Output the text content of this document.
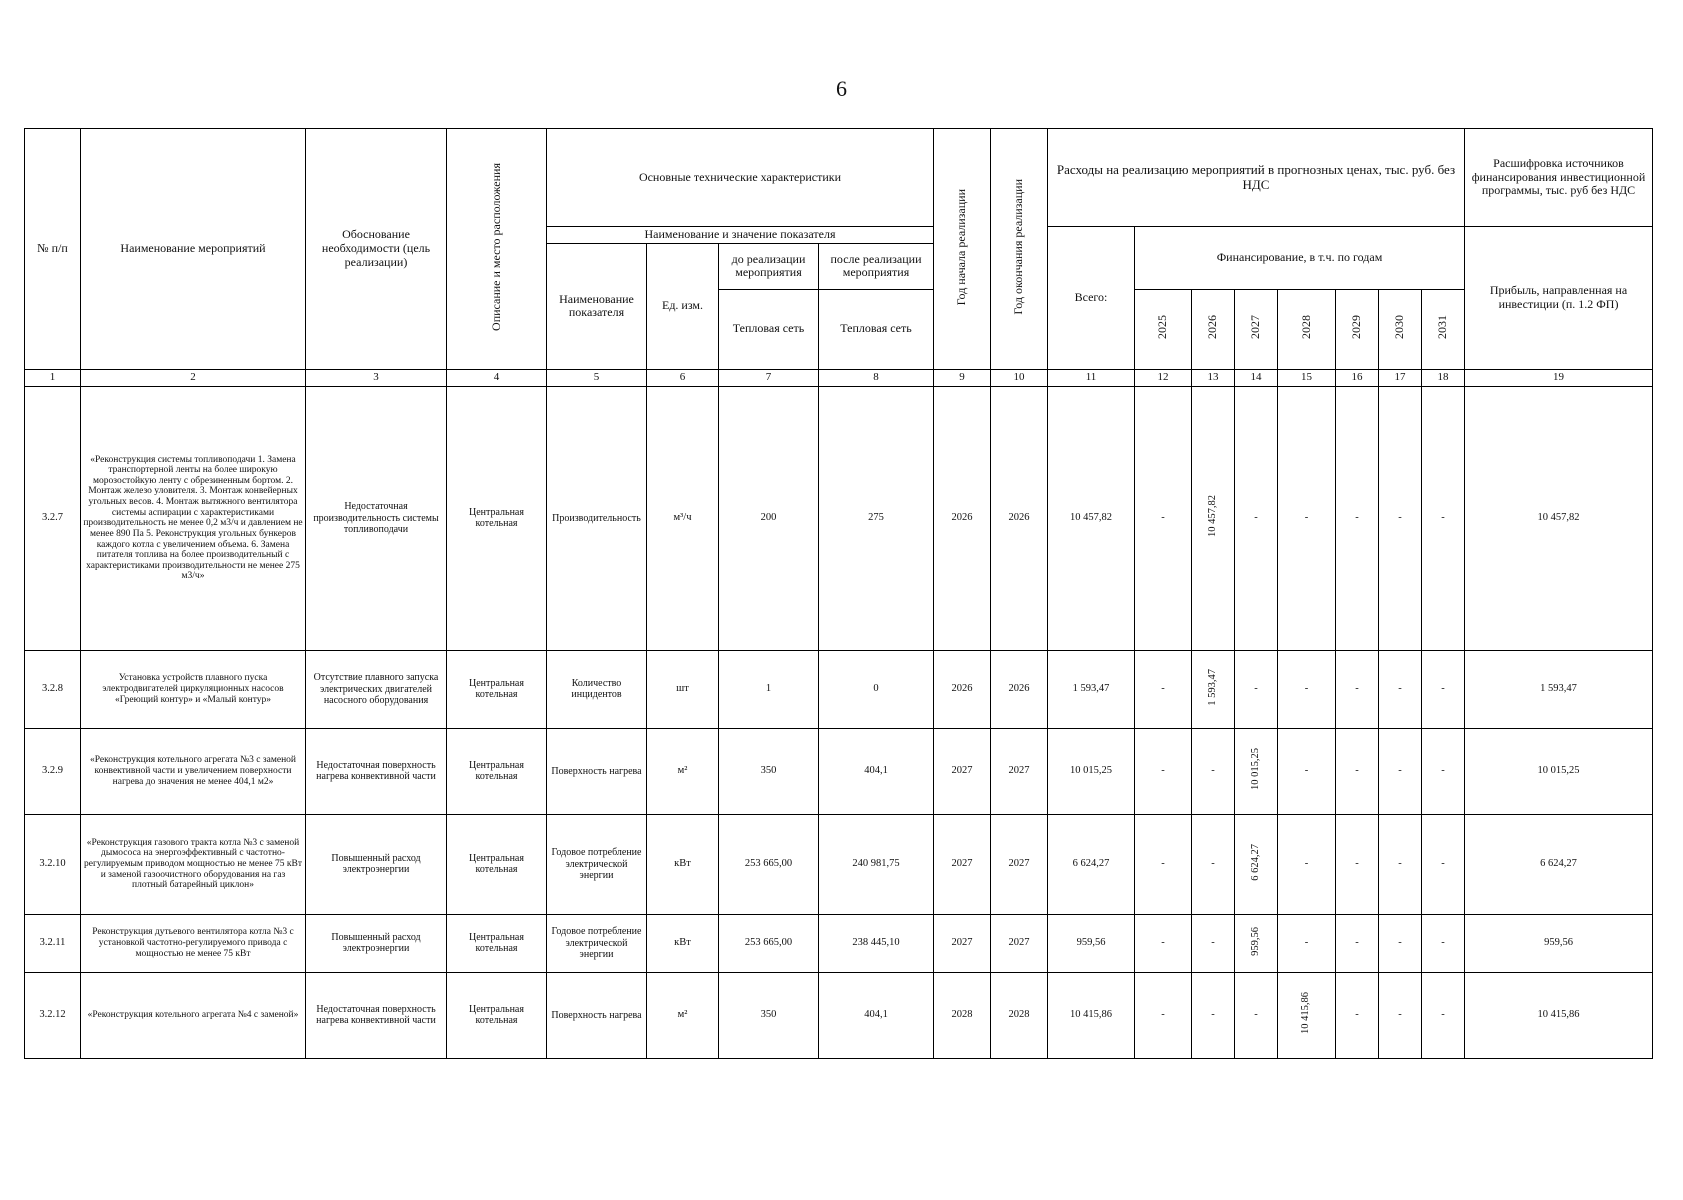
6
№ п/п	Наименование мероприятий	Обоснование необходимости (цель реализации)	Описание и место расположения	Основные технические характеристики				Год начала реализации	Год окончания реализации	Расходы на реализацию мероприятий в прогнозных ценах, тыс. руб. без НДС								Расшифровка источников финансирования инвестиционной программы, тыс. руб без НДС
				Наименование и значение показателя						Всего:	Финансирование, в т.ч. по годам							Прибыль, направленная на инвестиции (п. 1.2 ФП)
				Наименование показателя	Ед. изм.	до реализации мероприятия	после реализации мероприятия											
						Тепловая сеть	Тепловая сеть				2025	2026	2027	2028	2029	2030	2031	
1	2	3	4	5	6	7	8	9	10	11	12	13	14	15	16	17	18	19
3.2.7	«Реконструкция системы топливоподачи 1. Замена транспортерной ленты на более широкую морозостойкую ленту с обрезиненным бортом. 2. Монтаж железо уловителя. 3. Монтаж конвейерных угольных весов. 4. Монтаж вытяжного вентилятора системы аспирации с характеристиками производительность не менее 0,2 м3/ч и давлением не менее 890 Па 5. Реконструкция угольных бункеров каждого котла с увеличением объема. 6. Замена питателя топлива на более производительный с характеристиками производительности не менее 275 м3/ч»	Недостаточная производительность системы топливоподачи	Центральная котельная	Производительность	м³/ч	200	275	2026	2026	10 457,82	-	10 457,82	-	-	-	-	-	10 457,82
3.2.8	Установка устройств плавного пуска электродвигателей циркуляционных насосов «Греющий контур» и «Малый контур»	Отсутствие плавного запуска электрических двигателей насосного оборудования	Центральная котельная	Количество инцидентов	шт	1	0	2026	2026	1 593,47	-	1 593,47	-	-	-	-	-	1 593,47
3.2.9	«Реконструкция котельного агрегата №3 с заменой конвективной части и увеличением поверхности нагрева до значения не менее 404,1 м2»	Недостаточная поверхность нагрева конвективной части	Центральная котельная	Поверхность нагрева	м²	350	404,1	2027	2027	10 015,25	-	-	10 015,25	-	-	-	-	10 015,25
3.2.10	«Реконструкция газового тракта котла №3 с заменой дымососа на энергоэффективный с частотно-регулируемым приводом мощностью не менее 75 кВт и заменой газоочистного оборудования на газ плотный батарейный циклон»	Повышенный расход электроэнергии	Центральная котельная	Годовое потребление электрической энергии	кВт	253 665,00	240 981,75	2027	2027	6 624,27	-	-	6 624,27	-	-	-	-	6 624,27
3.2.11	Реконструкция дутьевого вентилятора котла №3 с установкой частотно-регулируемого привода с мощностью не менее 75 кВт	Повышенный расход электроэнергии	Центральная котельная	Годовое потребление электрической энергии	кВт	253 665,00	238 445,10	2027	2027	959,56	-	-	959,56	-	-	-	-	959,56
3.2.12	«Реконструкция котельного агрегата №4 с заменой»	Недостаточная поверхность нагрева конвективной части	Центральная котельная	Поверхность нагрева	м²	350	404,1	2028	2028	10 415,86	-	-	-	10 415,86	-	-	-	10 415,86
